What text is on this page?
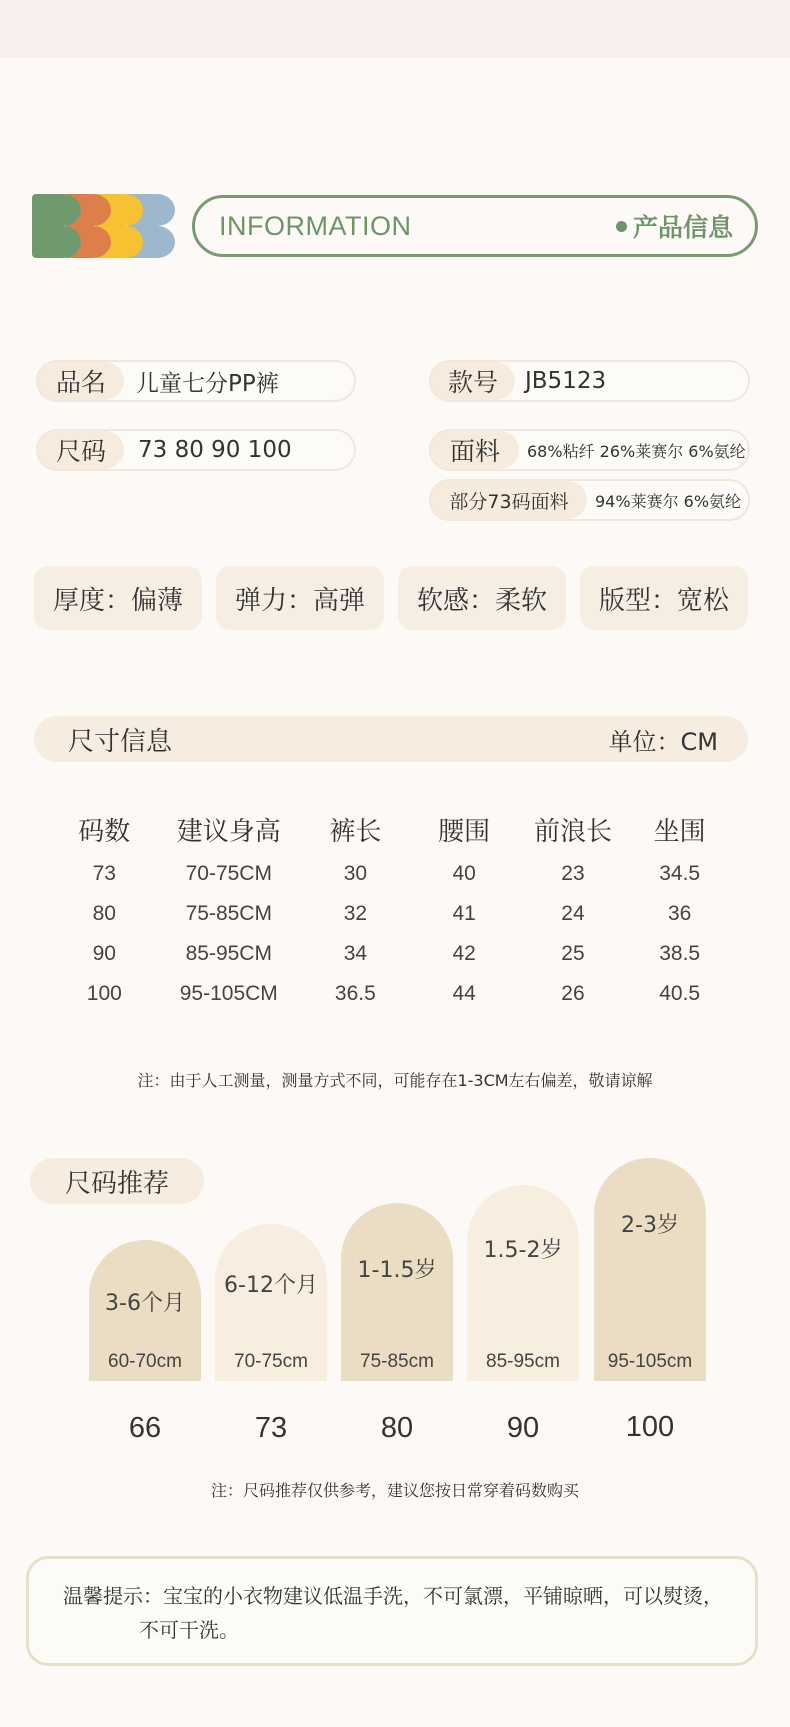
INFORMATION	产品信息
品名	儿童七分PP裤	款号	JB5123
尺码	73 80 90 100	面料	68%粘纤 26%莱赛尔 6%氨纶
部分73码面料	94%莱赛尔 6%氨纶
厚度：偏薄	弹力：高弹	软感：柔软	版型：宽松
尺寸信息	单位：CM
码数	建议身高	裤长	腰围	前浪长	坐围
73	70-75CM	30	40	23	34.5
80	75-85CM	32	41	24	36
90	85-95CM	34	42	25	38.5
100	95-105CM	36.5	44	26	40.5
注：由于人工测量，测量方式不同，可能存在1-3CM左右偏差，敬请谅解
尺码推荐
3-6个月
60-70cm
6-12个月
70-75cm
1-1.5岁
75-85cm
1.5-2岁
85-95cm
2-3岁
95-105cm
66	73	80	90	100
注：尺码推荐仅供参考，建议您按日常穿着码数购买
温馨提示：宝宝的小衣物建议低温手洗，不可氯漂，平铺晾晒，可以熨烫，
不可干洗。
